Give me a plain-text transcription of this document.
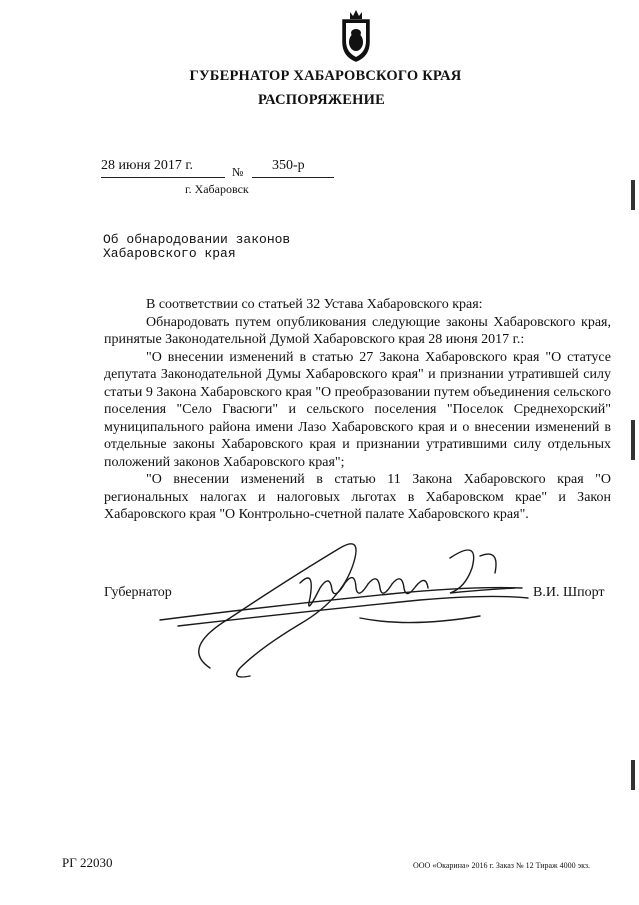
ГУБЕРНАТОР ХАБАРОВСКОГО КРАЯ
РАСПОРЯЖЕНИЕ
28 июня 2017 г.	№ 350-р
г. Хабаровск
Об обнародовании законов
Хабаровского края

В соответствии со статьей 32 Устава Хабаровского края:

Обнародовать путем опубликования следующие законы Хабаровского края, принятые Законодательной Думой Хабаровского края 28 июня 2017 г.:

"О внесении изменений в статью 27 Закона Хабаровского края "О статусе депутата Законодательной Думы Хабаровского края" и признании утратившей силу статьи 9 Закона Хабаровского края "О преобразовании путем объединения сельского поселения "Село Гвасюги" и сельского поселения "Поселок Среднехорский" муниципального района имени Лазо Хабаровского края и о внесении изменений в отдельные законы Хабаровского края и признании утратившими силу отдельных положений законов Хабаровского края";

"О внесении изменений в статью 11 Закона Хабаровского края "О региональных налогах и налоговых льготах в Хабаровском крае" и Закон Хабаровского края "О Контрольно-счетной палате Хабаровского края".

Губернатор	В.И. Шпорт
РГ 22030	ООО «Окарина» 2016 г. Заказ № 12 Тираж 4000 экз.
